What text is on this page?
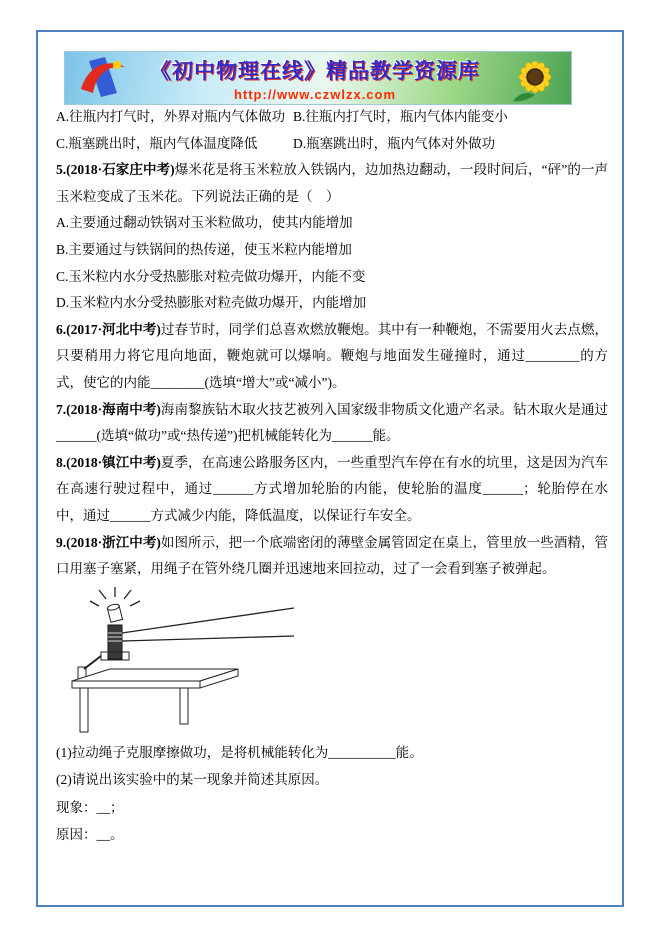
《初中物理在线》精品教学资源库
http://www.czwlzx.com

A.往瓶内打气时，外界对瓶内气体做功 B.往瓶内打气时，瓶内气体内能变小

C.瓶塞跳出时，瓶内气体温度降低	D.瓶塞跳出时，瓶内气体对外做功

5.(2018·石家庄中考)爆米花是将玉米粒放入铁锅内，边加热边翻动，一段时间后，“砰”的一声玉米粒变成了玉米花。下列说法正确的是（　）

A.主要通过翻动铁锅对玉米粒做功，使其内能增加

B.主要通过与铁锅间的热传递，使玉米粒内能增加

C.玉米粒内水分受热膨胀对粒壳做功爆开，内能不变

D.玉米粒内水分受热膨胀对粒壳做功爆开，内能增加

6.(2017·河北中考)过春节时，同学们总喜欢燃放鞭炮。其中有一种鞭炮，不需要用火去点燃，只要稍用力将它甩向地面，鞭炮就可以爆响。鞭炮与地面发生碰撞时，通过________的方式，使它的内能________(选填“增大”或“减小”)。

7.(2018·海南中考)海南黎族钻木取火技艺被列入国家级非物质文化遗产名录。钻木取火是通过______(选填“做功”或“热传递”)把机械能转化为______能。

8.(2018·镇江中考)夏季，在高速公路服务区内，一些重型汽车停在有水的坑里，这是因为汽车在高速行驶过程中，通过______方式增加轮胎的内能，使轮胎的温度______；轮胎停在水中，通过______方式减少内能，降低温度，以保证行车安全。

9.(2018·浙江中考)如图所示，把一个底端密闭的薄壁金属管固定在桌上，管里放一些酒精，管口用塞子塞紧，用绳子在管外绕几圈并迅速地来回拉动，过了一会看到塞子被弹起。

(1)拉动绳子克服摩擦做功，是将机械能转化为__________能。

(2)请说出该实验中的某一现象并简述其原因。

现象：__；

原因：__。
